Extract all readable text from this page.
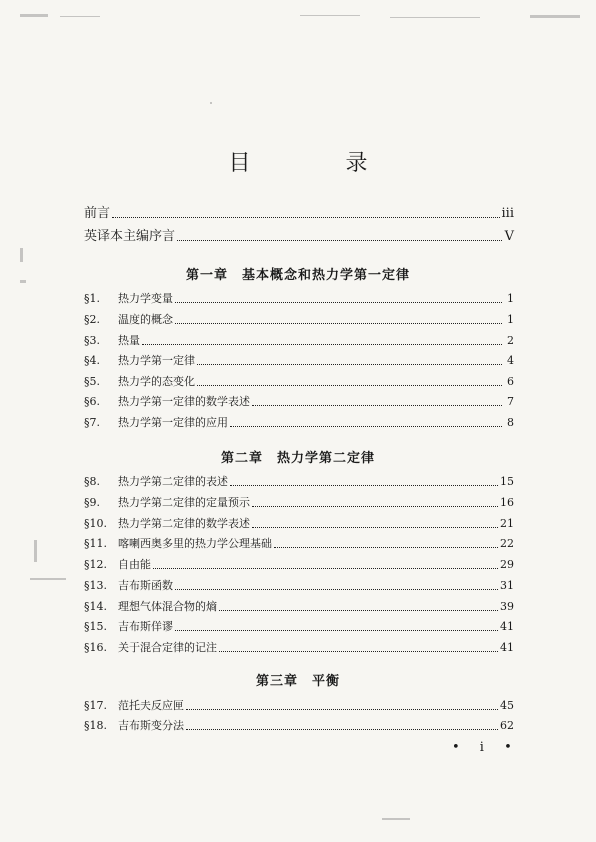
目 录
前言	iii
英译本主编序言	V
第一章 基本概念和热力学第一定律
§1.	热力学变量	1
§2.	温度的概念	1
§3.	热量	2
§4.	热力学第一定律	4
§5.	热力学的态变化	6
§6.	热力学第一定律的数学表述	7
§7.	热力学第一定律的应用	8
第二章 热力学第二定律
§8.	热力学第二定律的表述	15
§9.	热力学第二定律的定量预示	16
§10.	热力学第二定律的数学表述	21
§11.	喀喇西奥多里的热力学公理基础	22
§12.	自由能	29
§13.	吉布斯函数	31
§14.	理想气体混合物的熵	39
§15.	吉布斯佯谬	41
§16.	关于混合定律的记注	41
第三章 平衡
§17.	范托夫反应匣	45
§18.	吉布斯变分法	62
• i •
